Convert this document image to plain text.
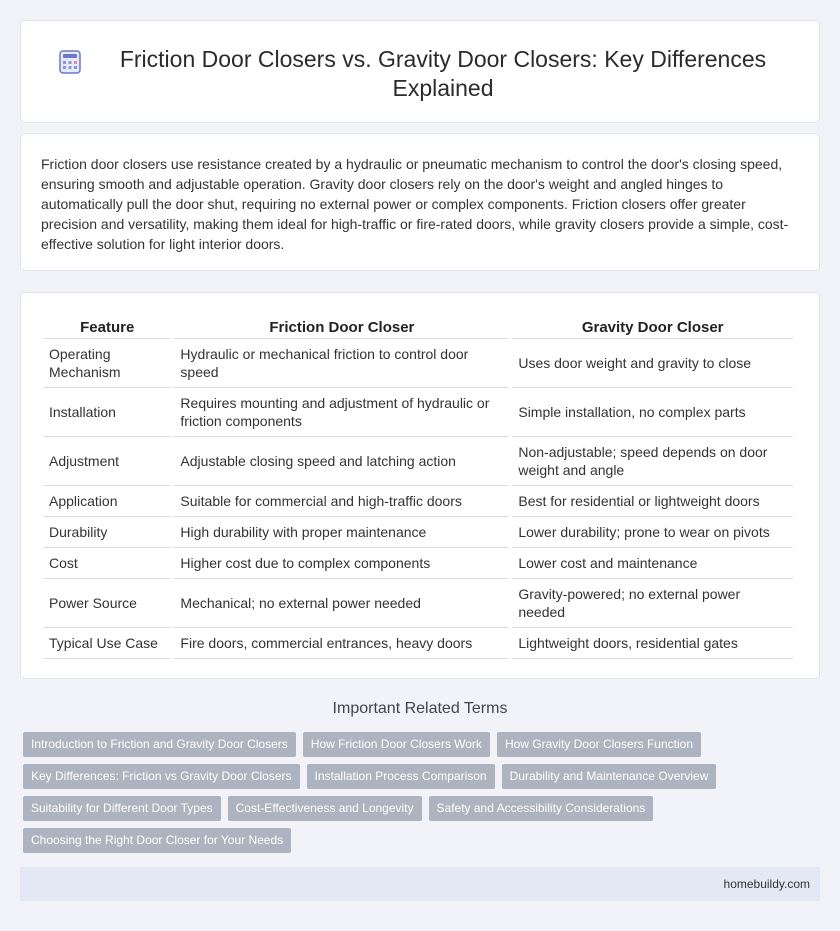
Friction Door Closers vs. Gravity Door Closers: Key Differences Explained

Friction door closers use resistance created by a hydraulic or pneumatic mechanism to control the door's closing speed, ensuring smooth and adjustable operation. Gravity door closers rely on the door's weight and angled hinges to automatically pull the door shut, requiring no external power or complex components. Friction closers offer greater precision and versatility, making them ideal for high-traffic or fire-rated doors, while gravity closers provide a simple, cost-effective solution for light interior doors.

Feature	Friction Door Closer	Gravity Door Closer
Operating Mechanism	Hydraulic or mechanical friction to control door speed	Uses door weight and gravity to close
Installation	Requires mounting and adjustment of hydraulic or friction components	Simple installation, no complex parts
Adjustment	Adjustable closing speed and latching action	Non-adjustable; speed depends on door weight and angle
Application	Suitable for commercial and high-traffic doors	Best for residential or lightweight doors
Durability	High durability with proper maintenance	Lower durability; prone to wear on pivots
Cost	Higher cost due to complex components	Lower cost and maintenance
Power Source	Mechanical; no external power needed	Gravity-powered; no external power needed
Typical Use Case	Fire doors, commercial entrances, heavy doors	Lightweight doors, residential gates
Important Related Terms
Introduction to Friction and Gravity Door Closers	How Friction Door Closers Work	How Gravity Door Closers Function
Key Differences: Friction vs Gravity Door Closers	Installation Process Comparison	Durability and Maintenance Overview
Suitability for Different Door Types	Cost-Effectiveness and Longevity	Safety and Accessibility Considerations
Choosing the Right Door Closer for Your Needs
homebuildy.com
